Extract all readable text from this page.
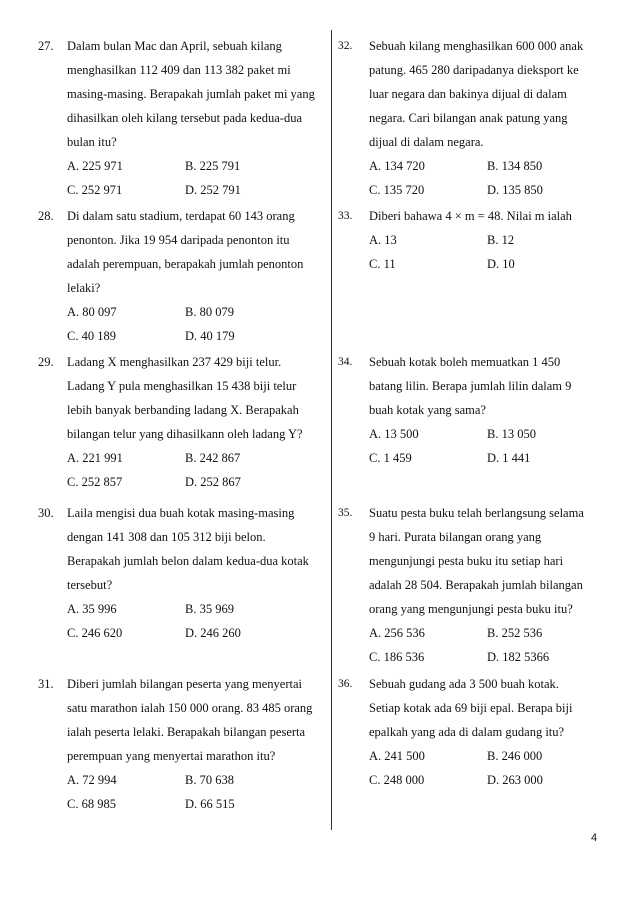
27. Dalam bulan Mac dan April, sebuah kilang
menghasilkan 112 409 dan 113 382 paket mi
masing-masing. Berapakah jumlah paket mi yang
dihasilkan oleh kilang tersebut pada kedua-dua
bulan itu?
A. 225 971	B. 225 791
C. 252 971	D. 252 791
28. Di dalam satu stadium, terdapat 60 143 orang
penonton. Jika 19 954 daripada penonton itu
adalah perempuan, berapakah jumlah penonton
lelaki?
A. 80 097	B. 80 079
C. 40 189	D. 40 179
29. Ladang X menghasilkan 237 429 biji telur.
Ladang Y pula menghasilkan 15 438 biji telur
lebih banyak berbanding ladang X. Berapakah
bilangan telur yang dihasilkann oleh ladang Y?
A. 221 991	B. 242 867
C. 252 857	D. 252 867
30. Laila mengisi dua buah kotak masing-masing
dengan 141 308 dan 105 312 biji belon.
Berapakah jumlah belon dalam kedua-dua kotak
tersebut?
A. 35 996	B. 35 969
C. 246 620	D. 246 260
31. Diberi jumlah bilangan peserta yang menyertai
satu marathon ialah 150 000 orang. 83 485 orang
ialah peserta lelaki. Berapakah bilangan peserta
perempuan yang menyertai marathon itu?
A. 72 994	B. 70 638
C. 68 985	D. 66 515
32. Sebuah kilang menghasilkan 600 000 anak
patung. 465 280 daripadanya dieksport ke
luar negara dan bakinya dijual di dalam
negara. Cari bilangan anak patung yang
dijual di dalam negara.
A. 134 720	B. 134 850
C. 135 720	D. 135 850
33. Diberi bahawa 4 × m = 48. Nilai m ialah
A. 13	B. 12
C. 11	D. 10
34. Sebuah kotak boleh memuatkan 1 450
batang lilin. Berapa jumlah lilin dalam 9
buah kotak yang sama?
A. 13 500	B. 13 050
C. 1 459	D. 1 441
35. Suatu pesta buku telah berlangsung selama
9 hari. Purata bilangan orang yang
mengunjungi pesta buku itu setiap hari
adalah 28 504. Berapakah jumlah bilangan
orang yang mengunjungi pesta buku itu?
A. 256 536	B. 252 536
C. 186 536	D. 182 5366
36. Sebuah gudang ada 3 500 buah kotak.
Setiap kotak ada 69 biji epal. Berapa biji
epalkah yang ada di dalam gudang itu?
A. 241 500	B. 246 000
C. 248 000	D. 263 000
4
